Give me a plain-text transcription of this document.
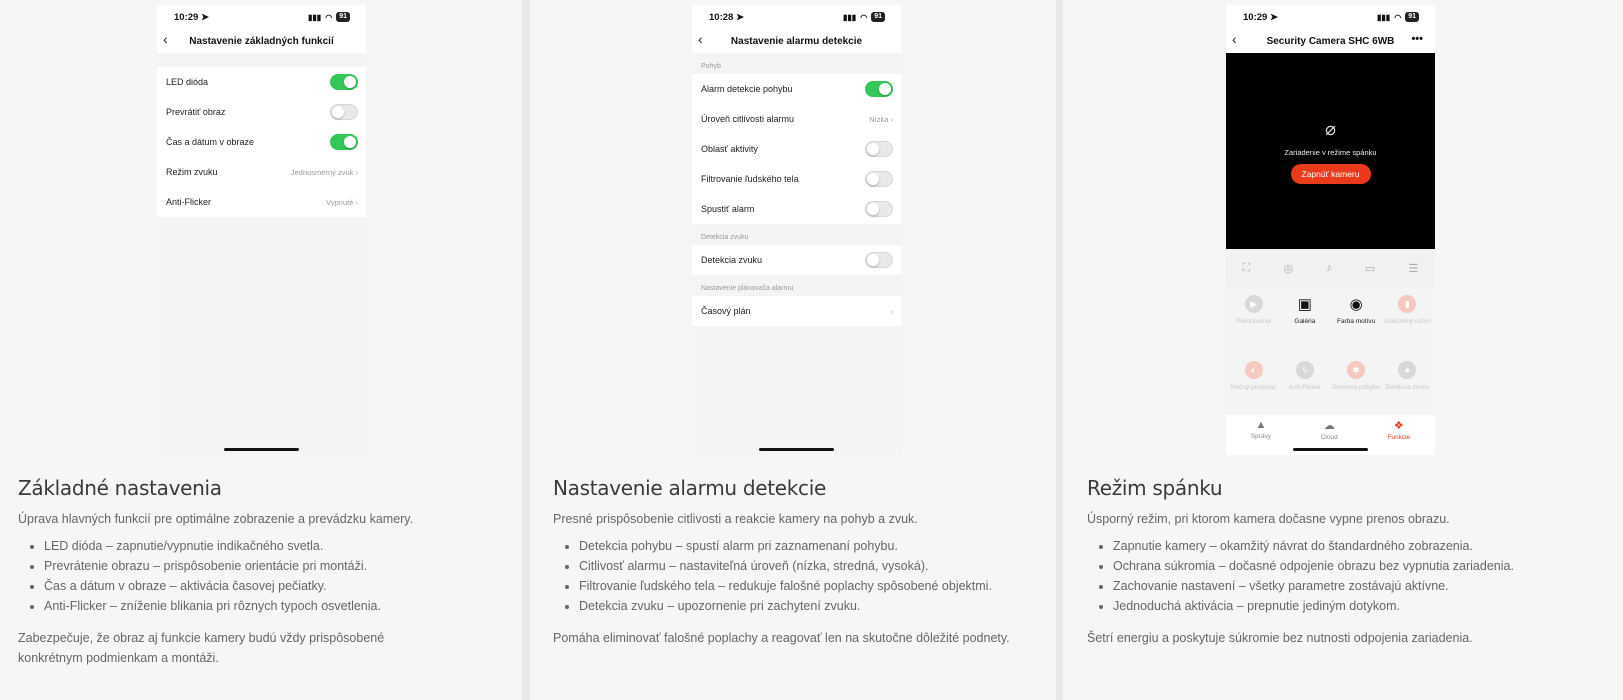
10:29 ➤	▮▮▮ ◠	91
‹ Nastavenie základných funkcií
LED dióda
Prevrátiť obraz
Čas a dátum v obraze
Režim zvuku	Jednosmerný zvuk ›
Anti-Flicker	Vypnuté ›
Základné nastavenia
Úprava hlavných funkcií pre optimálne zobrazenie a prevádzku kamery.
• LED dióda – zapnutie/vypnutie indikačného svetla.
• Prevrátenie obrazu – prispôsobenie orientácie pri montáži.
• Čas a dátum v obraze – aktivácia časovej pečiatky.
• Anti-Flicker – zníženie blikania pri rôznych typoch osvetlenia.
Zabezpečuje, že obraz aj funkcie kamery budú vždy prispôsobené konkrétnym podmienkam a montáži.
10:28 ➤	▮▮▮ ◠	91
‹	Nastavenie alarmu detekcie
Pohyb
Alarm detekcie pohybu
Úroveň citlivosti alarmu	Nízka ›
Oblasť aktivity
Filtrovanie ľudského tela
Spustiť alarm
Detekcia zvuku
Detekcia zvuku
Nastavenie plánovača alarmu
Časový plán	›
Nastavenie alarmu detekcie
Presné prispôsobenie citlivosti a reakcie kamery na pohyb a zvuk.
• Detekcia pohybu – spustí alarm pri zaznamenaní pohybu.
• Citlivosť alarmu – nastaviteľná úroveň (nízka, stredná, vysoká).
• Filtrovanie ľudského tela – redukuje falošné poplachy spôsobené objektmi.
• Detekcia zvuku – upozornenie pri zachytení zvuku.
Pomáha eliminovať falošné poplachy a reagovať len na skutočne dôležité podnety.
10:29 ➤	▮▮▮ ◠	91
‹	Security Camera SHC 6WB •••
⌀
Zariadenie v režime spánku
Zapnúť kameru
⛶	◎	♪	▭	☰
▶
Prehrávanie
▣
Galéria
◉
Farba motívu
▮
Súkromný režim
◐
Nočný prepínač
ϟ
Anti-Flicker
✱
Detekcia pohybu
●
Detekcia zvuku
▲
Správy
☁
Cloud
❖
Funkcie
Režim spánku
Úsporný režim, pri ktorom kamera dočasne vypne prenos obrazu.
• Zapnutie kamery – okamžitý návrat do štandardného zobrazenia.
• Ochrana súkromia – dočasné odpojenie obrazu bez vypnutia zariadenia.
• Zachovanie nastavení – všetky parametre zostávajú aktívne.
• Jednoduchá aktivácia – prepnutie jediným dotykom.
Šetrí energiu a poskytuje súkromie bez nutnosti odpojenia zariadenia.
